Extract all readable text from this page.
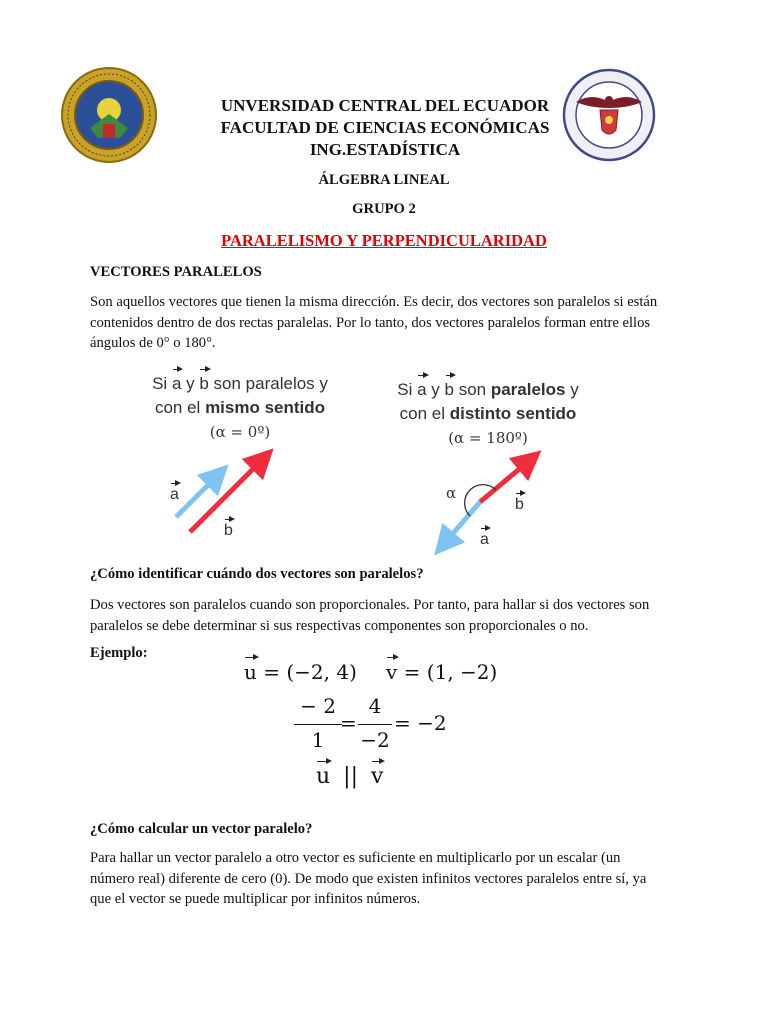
UNVERSIDAD CENTRAL DEL ECUADOR
FACULTAD DE CIENCIAS ECONÓMICAS
ING.ESTADÍSTICA
ÁLGEBRA LINEAL
GRUPO 2
PARALELISMO Y PERPENDICULARIDAD
VECTORES PARALELOS
Son aquellos vectores que tienen la misma dirección. Es decir, dos vectores son paralelos si están
contenidos dentro de dos rectas paralelas. Por lo tanto, dos vectores paralelos forman entre ellos
ángulos de 0° o 180°.
Si a y b son paralelos y
con el mismo sentido
(α = 0º)
a
b
Si a y b son paralelos y
con el distinto sentido
(α = 180º)
α
a
b
¿Cómo identificar cuándo dos vectores son paralelos?
Dos vectores son paralelos cuando son proporcionales. Por tanto, para hallar si dos vectores son
paralelos se debe determinar si sus respectivas componentes son proporcionales o no.
Ejemplo:
u = (−2, 4) v = (1, −2)
− 2
1
=
4
−2
= −2
u || v
¿Cómo calcular un vector paralelo?
Para hallar un vector paralelo a otro vector es suficiente en multiplicarlo por un escalar (un
número real) diferente de cero (0). De modo que existen infinitos vectores paralelos entre sí, ya
que el vector se puede multiplicar por infinitos números.
